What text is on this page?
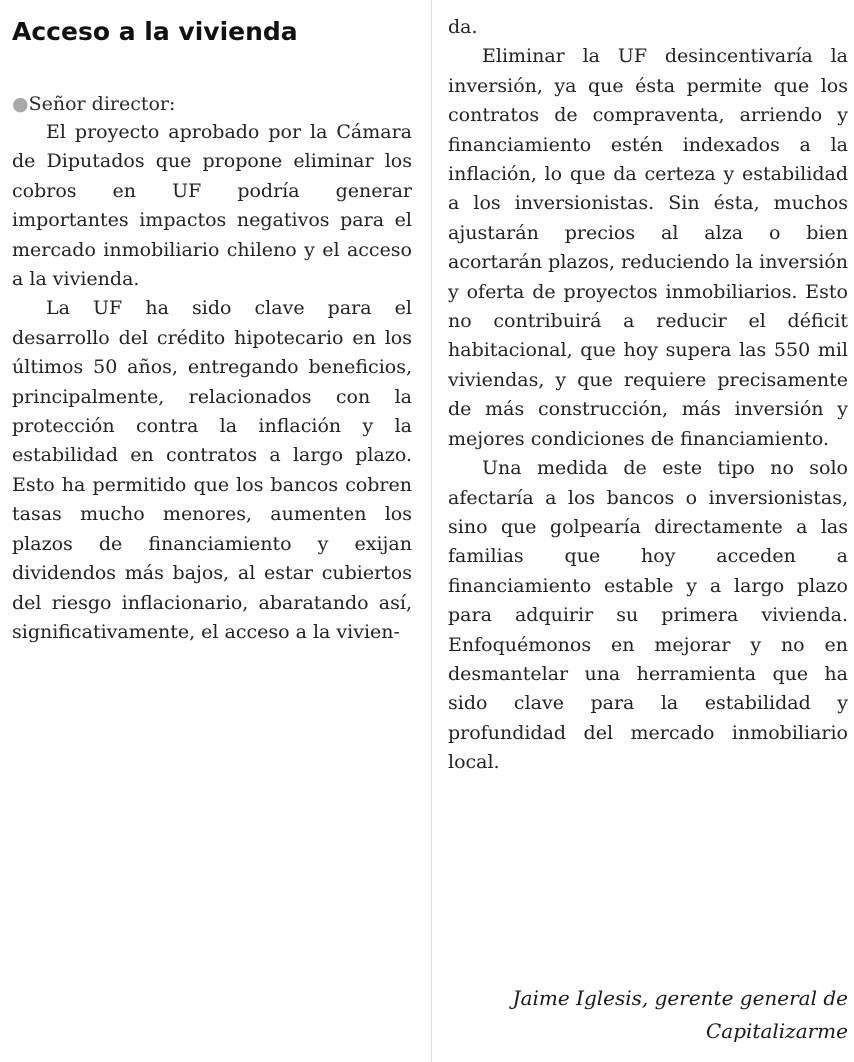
Acceso a la vivienda
●Señor director:

El proyecto aprobado por la Cámara de Diputados que propone eliminar los cobros en UF podría generar importantes impactos negativos para el mercado inmobiliario chileno y el acceso a la vivienda.

La UF ha sido clave para el desarrollo del crédito hipotecario en los últimos 50 años, entregando beneficios, principalmente, relacionados con la protección contra la inflación y la estabilidad en contratos a largo plazo. Esto ha permitido que los bancos cobren tasas mucho menores, aumenten los plazos de financiamiento y exijan dividendos más bajos, al estar cubiertos del riesgo inflacionario, abaratando así, significativamente, el acceso a la vivien-

da.

Eliminar la UF desincentivaría la inversión, ya que ésta permite que los contratos de compraventa, arriendo y financiamiento estén indexados a la inflación, lo que da certeza y estabilidad a los inversionistas. Sin ésta, muchos ajustarán precios al alza o bien acortarán plazos, reduciendo la inversión y oferta de proyectos inmobiliarios. Esto no contribuirá a reducir el déficit habitacional, que hoy supera las 550 mil viviendas, y que requiere precisamente de más construcción, más inversión y mejores condiciones de financiamiento.

Una medida de este tipo no solo afectaría a los bancos o inversionistas, sino que golpearía directamente a las familias que hoy acceden a financiamiento estable y a largo plazo para adquirir su primera vivienda. Enfoquémonos en mejorar y no en desmantelar una herramienta que ha sido clave para la estabilidad y profundidad del mercado inmobiliario local.

Jaime Iglesis, gerente general de
Capitalizarme
